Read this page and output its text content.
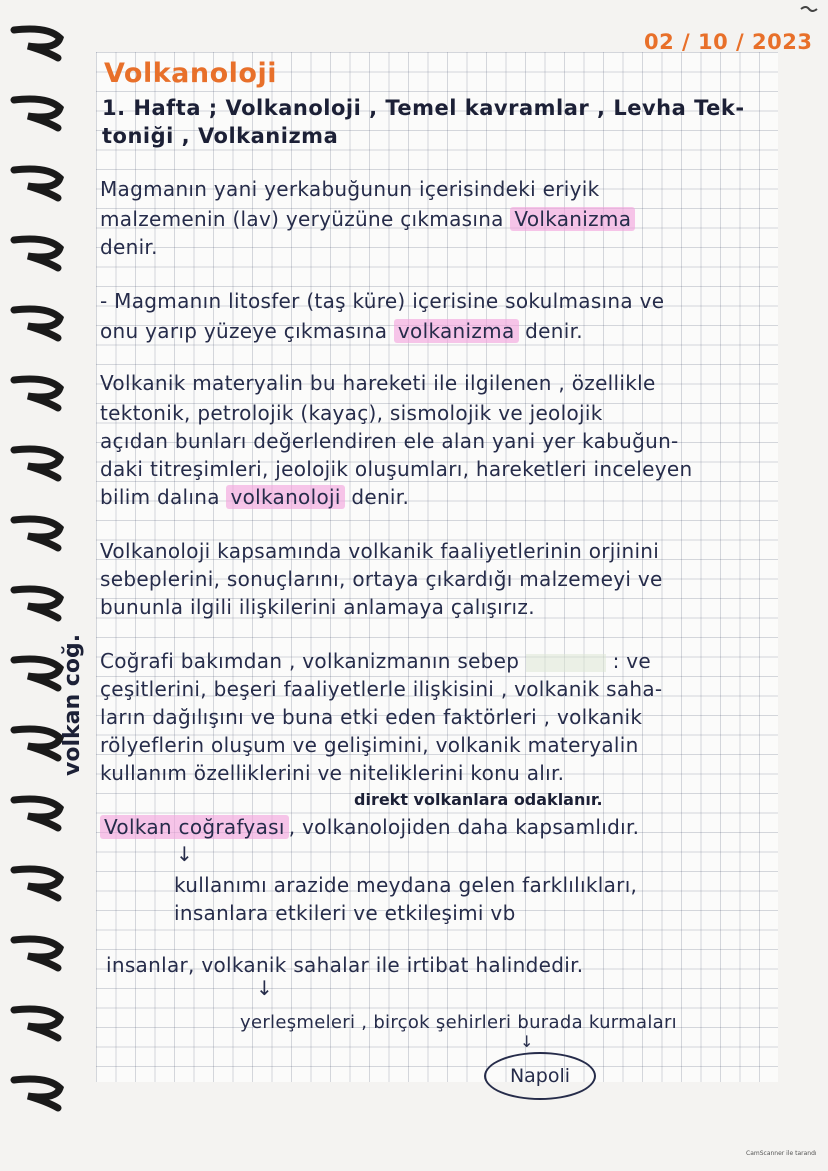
02 / 10 / 2023
Volkanoloji
1. Hafta ; Volkanoloji , Temel kavramlar , Levha Tek-
toniği , Volkanizma
Magmanın yani yerkabuğunun içerisindeki eriyik
malzemenin (lav) yeryüzüne çıkmasına Volkanizma
denir.
- Magmanın litosfer (taş küre) içerisine sokulmasına ve
onu yarıp yüzeye çıkmasına volkanizma denir.
Volkanik materyalin bu hareketi ile ilgilenen , özellikle
tektonik, petrolojik (kayaç), sismolojik ve jeolojik
açıdan bunları değerlendiren ele alan yani yer kabuğun-
daki titreşimleri, jeolojik oluşumları, hareketleri inceleyen
bilim dalına volkanoloji denir.
Volkanoloji kapsamında volkanik faaliyetlerinin orjinini
sebeplerini, sonuçlarını, ortaya çıkardığı malzemeyi ve
bununla ilgili ilişkilerini anlamaya çalışırız.
volkan coğ. Coğrafi bakımdan , volkanizmanın sebep	: ve
çeşitlerini, beşeri faaliyetlerle ilişkisini , volkanik saha-
ların dağılışını ve buna etki eden faktörleri , volkanik
rölyeflerin oluşum ve gelişimini, volkanik materyalin
kullanım özelliklerini ve niteliklerini konu alır.
direkt volkanlara odaklanır.
Volkan coğrafyası , volkanolojiden daha kapsamlıdır.
↓
kullanımı arazide meydana gelen farklılıkları,
insanlara etkileri ve etkileşimi vb
insanlar, volkanik sahalar ile irtibat halindedir.
↓
yerleşmeleri , birçok şehirleri burada kurmaları
↓
Napoli
CamScanner ile tarandı
